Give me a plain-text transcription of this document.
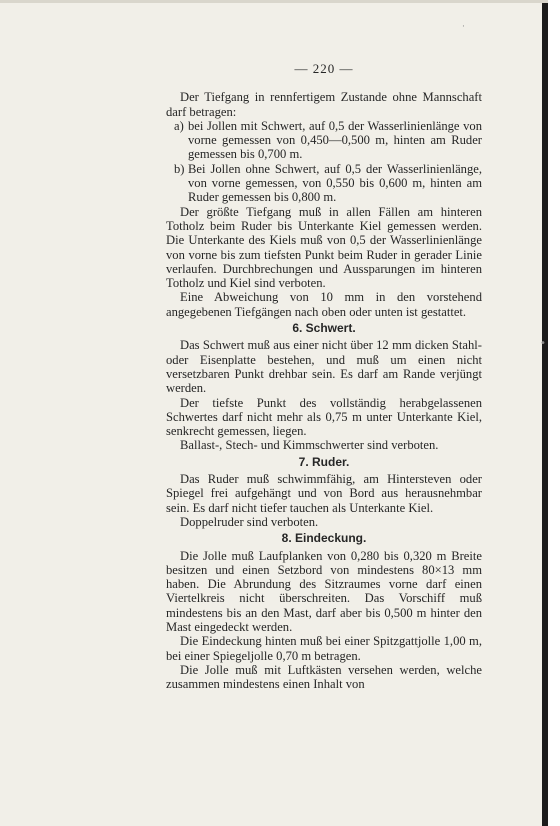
·
•
— 220 —

Der Tiefgang in rennfertigem Zustande ohne Mannschaft darf betragen:

a) bei Jollen mit Schwert, auf 0,5 der Wasserlinienlänge von vorne gemessen von 0,450—0,500 m, hinten am Ruder gemessen bis 0,700 m.
b) Bei Jollen ohne Schwert, auf 0,5 der Wasserlinienlänge, von vorne gemessen, von 0,550 bis 0,600 m, hinten am Ruder gemessen bis 0,800 m.

Der größte Tiefgang muß in allen Fällen am hinteren Totholz beim Ruder bis Unterkante Kiel gemessen werden. Die Unterkante des Kiels muß von 0,5 der Wasserlinienlänge von vorne bis zum tiefsten Punkt beim Ruder in gerader Linie verlaufen. Durchbrechungen und Aussparungen im hinteren Totholz und Kiel sind verboten.

Eine Abweichung von 10 mm in den vorstehend angegebenen Tiefgängen nach oben oder unten ist gestattet.

6. Schwert.

Das Schwert muß aus einer nicht über 12 mm dicken Stahl- oder Eisenplatte bestehen, und muß um einen nicht versetzbaren Punkt drehbar sein. Es darf am Rande verjüngt werden.

Der tiefste Punkt des vollständig herabgelassenen Schwertes darf nicht mehr als 0,75 m unter Unterkante Kiel, senkrecht gemessen, liegen.

Ballast-, Stech- und Kimmschwerter sind verboten.

7. Ruder.

Das Ruder muß schwimmfähig, am Hintersteven oder Spiegel frei aufgehängt und von Bord aus herausnehmbar sein. Es darf nicht tiefer tauchen als Unterkante Kiel.

Doppelruder sind verboten.

8. Eindeckung.

Die Jolle muß Laufplanken von 0,280 bis 0,320 m Breite besitzen und einen Setzbord von mindestens 80×13 mm haben. Die Abrundung des Sitzraumes vorne darf einen Viertelkreis nicht überschreiten. Das Vorschiff muß mindestens bis an den Mast, darf aber bis 0,500 m hinter den Mast eingedeckt werden.

Die Eindeckung hinten muß bei einer Spitzgattjolle 1,00 m, bei einer Spiegeljolle 0,70 m betragen.

Die Jolle muß mit Luftkästen versehen werden, welche zusammen mindestens einen Inhalt von
